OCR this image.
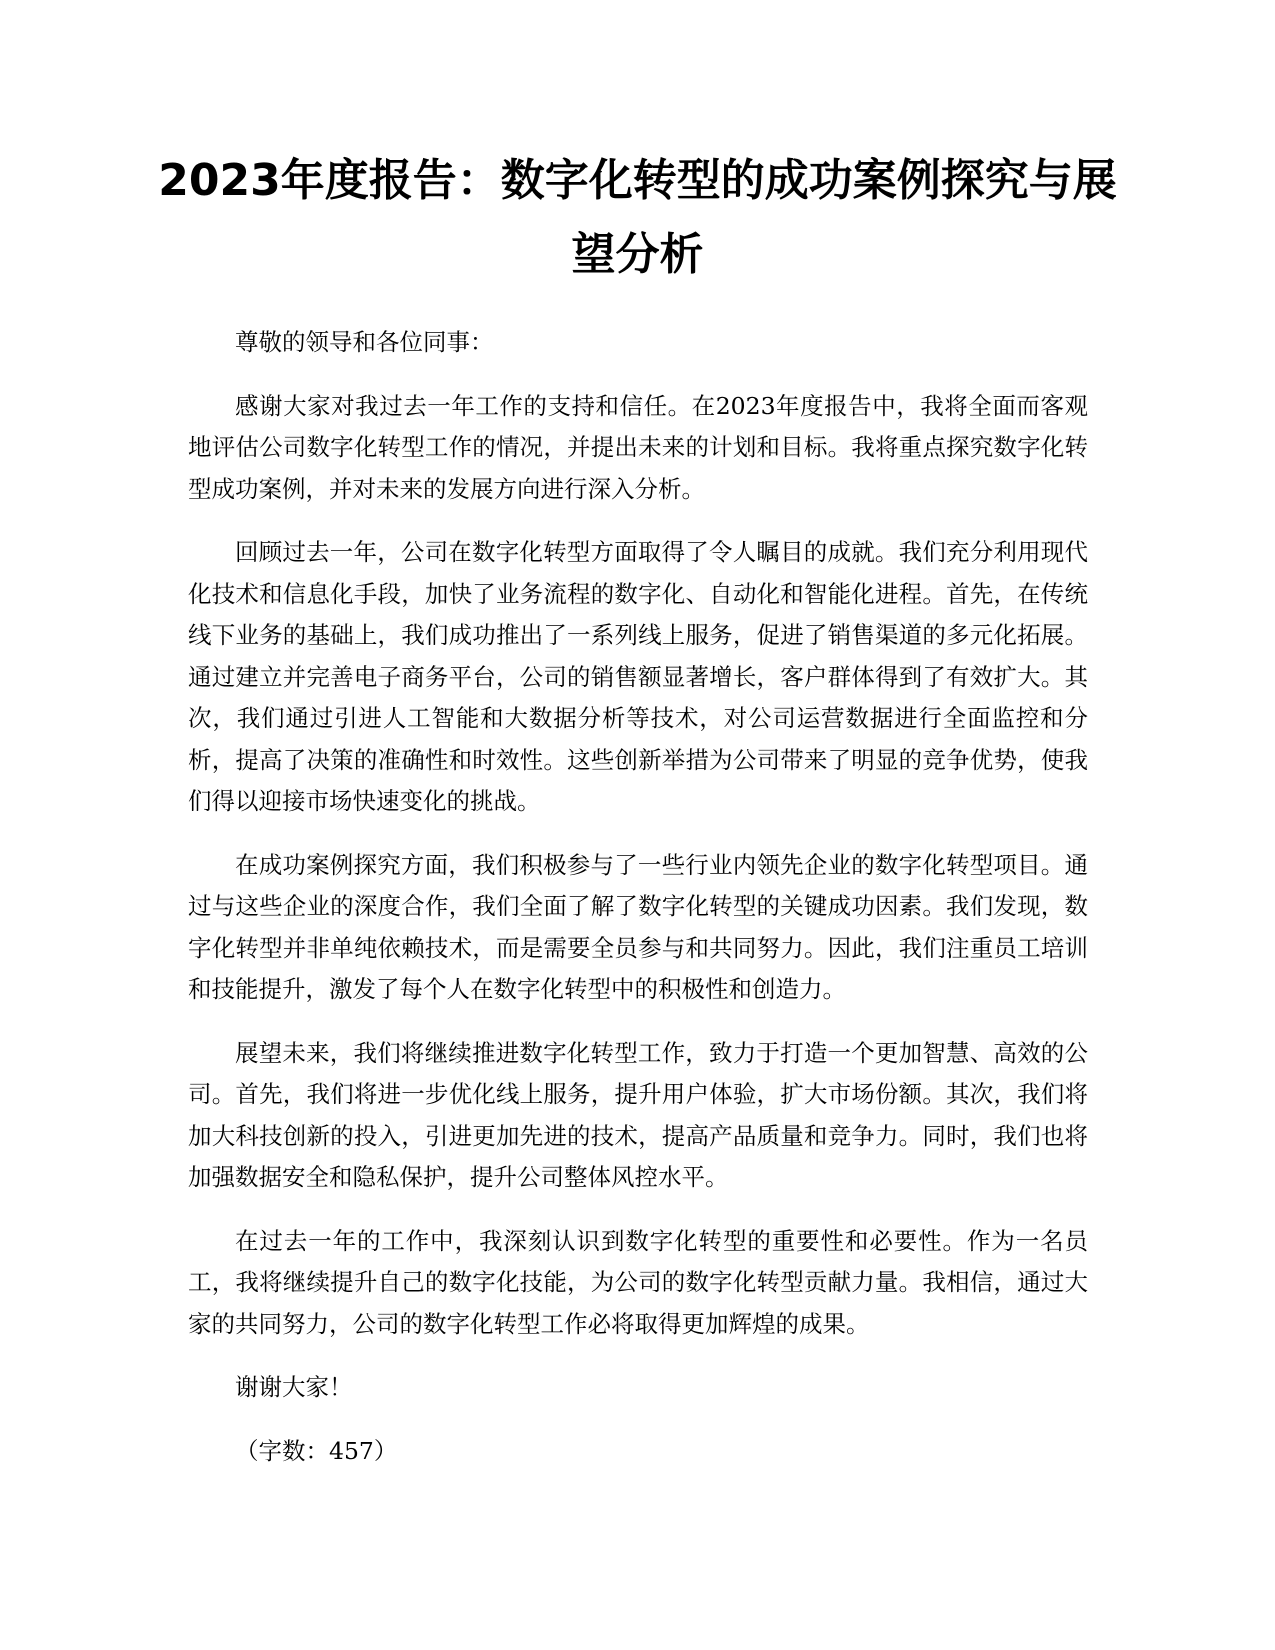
2023年度报告：数字化转型的成功案例探究与展望分析

尊敬的领导和各位同事：

感谢大家对我过去一年工作的支持和信任。在2023年度报告中，我将全面而客观地评估公司数字化转型工作的情况，并提出未来的计划和目标。我将重点探究数字化转型成功案例，并对未来的发展方向进行深入分析。

回顾过去一年，公司在数字化转型方面取得了令人瞩目的成就。我们充分利用现代化技术和信息化手段，加快了业务流程的数字化、自动化和智能化进程。首先，在传统线下业务的基础上，我们成功推出了一系列线上服务，促进了销售渠道的多元化拓展。通过建立并完善电子商务平台，公司的销售额显著增长，客户群体得到了有效扩大。其次，我们通过引进人工智能和大数据分析等技术，对公司运营数据进行全面监控和分析，提高了决策的准确性和时效性。这些创新举措为公司带来了明显的竞争优势，使我们得以迎接市场快速变化的挑战。

在成功案例探究方面，我们积极参与了一些行业内领先企业的数字化转型项目。通过与这些企业的深度合作，我们全面了解了数字化转型的关键成功因素。我们发现，数字化转型并非单纯依赖技术，而是需要全员参与和共同努力。因此，我们注重员工培训和技能提升，激发了每个人在数字化转型中的积极性和创造力。

展望未来，我们将继续推进数字化转型工作，致力于打造一个更加智慧、高效的公司。首先，我们将进一步优化线上服务，提升用户体验，扩大市场份额。其次，我们将加大科技创新的投入，引进更加先进的技术，提高产品质量和竞争力。同时，我们也将加强数据安全和隐私保护，提升公司整体风控水平。

在过去一年的工作中，我深刻认识到数字化转型的重要性和必要性。作为一名员工，我将继续提升自己的数字化技能，为公司的数字化转型贡献力量。我相信，通过大家的共同努力，公司的数字化转型工作必将取得更加辉煌的成果。

谢谢大家！

（字数：457）
